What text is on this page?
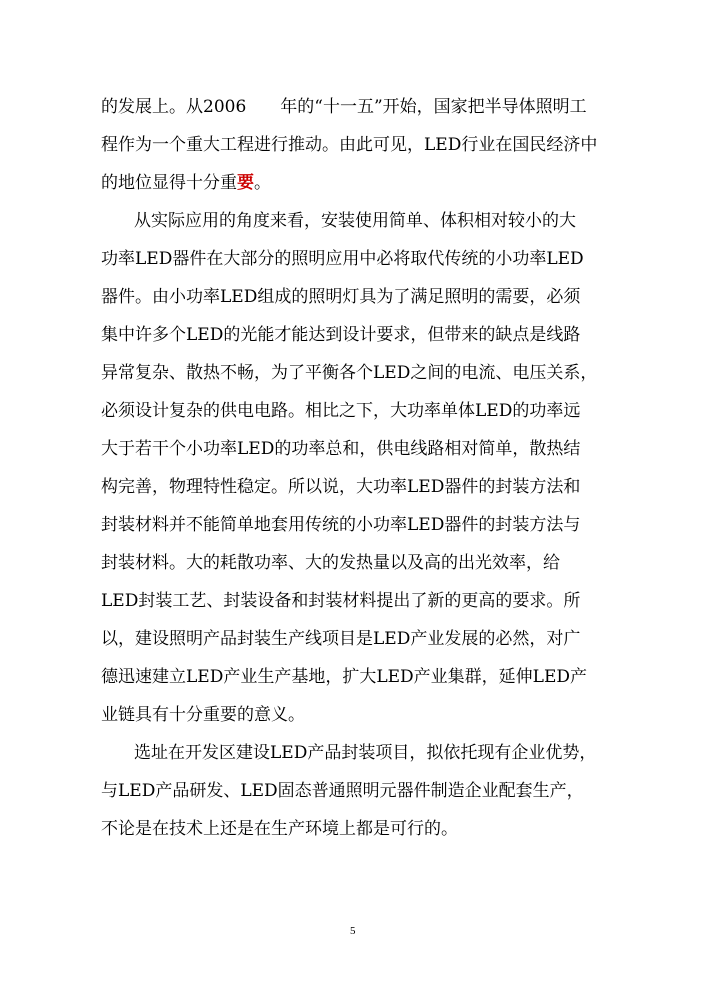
的发展上。从2006　　年的“十一五”开始，国家把半导体照明工
程作为一个重大工程进行推动。由此可见，LED行业在国民经济中
的地位显得十分重要。
从实际应用的角度来看，安装使用简单、体积相对较小的大
功率LED器件在大部分的照明应用中必将取代传统的小功率LED
器件。由小功率LED组成的照明灯具为了满足照明的需要，必须
集中许多个LED的光能才能达到设计要求，但带来的缺点是线路
异常复杂、散热不畅，为了平衡各个LED之间的电流、电压关系，
必须设计复杂的供电电路。相比之下，大功率单体LED的功率远
大于若干个小功率LED的功率总和，供电线路相对简单，散热结
构完善，物理特性稳定。所以说，大功率LED器件的封装方法和
封装材料并不能简单地套用传统的小功率LED器件的封装方法与
封装材料。大的耗散功率、大的发热量以及高的出光效率，给
LED封装工艺、封装设备和封装材料提出了新的更高的要求。所
以，建设照明产品封装生产线项目是LED产业发展的必然，对广
德迅速建立LED产业生产基地，扩大LED产业集群，延伸LED产
业链具有十分重要的意义。
选址在开发区建设LED产品封装项目，拟依托现有企业优势，
与LED产品研发、LED固态普通照明元器件制造企业配套生产，
不论是在技术上还是在生产环境上都是可行的。
5
